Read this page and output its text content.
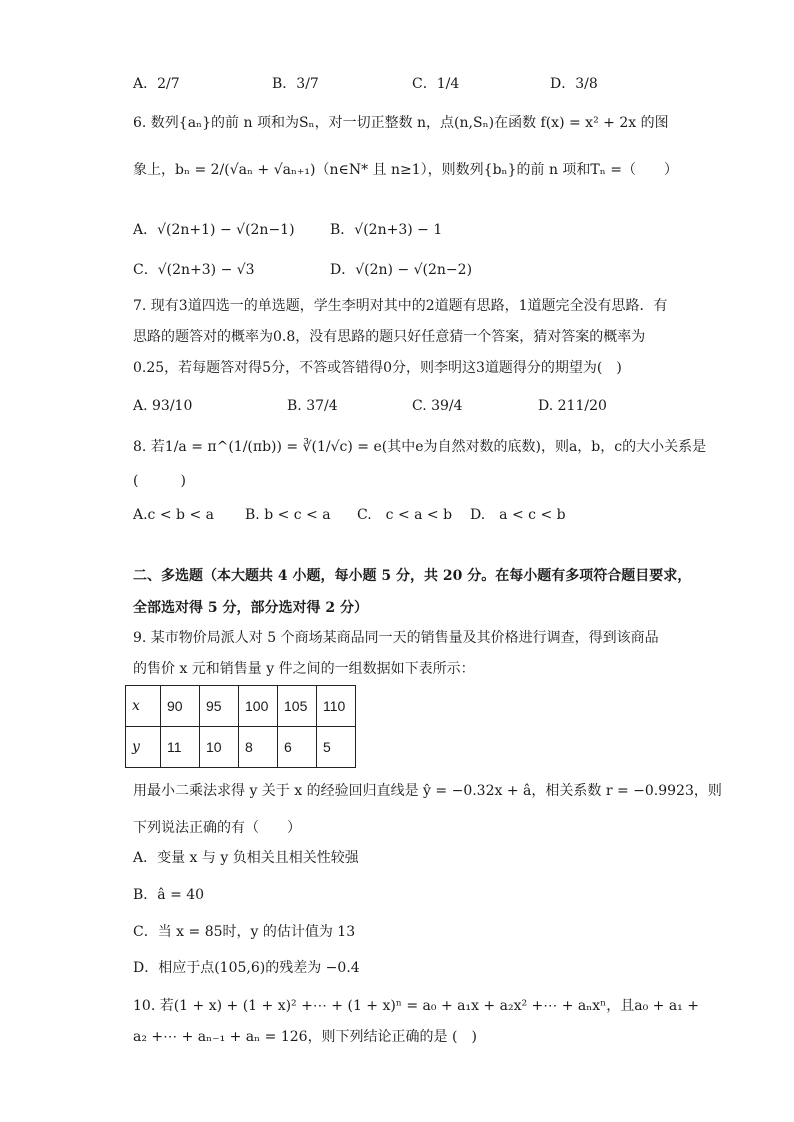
A．2/7	B．3/7	C．1/4	D．3/8
6. 数列{aₙ}的前 n 项和为Sₙ，对一切正整数 n，点(n,Sₙ)在函数 f(x) = x² + 2x 的图
象上，bₙ = 2/(√aₙ + √aₙ₊₁)（n∈N* 且 n≥1），则数列{bₙ}的前 n 项和Tₙ =（　　）
A．√(2n+1) − √(2n−1)	B．√(2n+3) − 1
C．√(2n+3) − √3	D．√(2n) − √(2n−2)
7. 现有3道四选一的单选题，学生李明对其中的2道题有思路，1道题完全没有思路．有
思路的题答对的概率为0.8，没有思路的题只好任意猜一个答案，猜对答案的概率为
0.25，若每题答对得5分，不答或答错得0分，则李明这3道题得分的期望为(　)
A. 93/10	B. 37/4	C. 39/4	D. 211/20
8. 若1/a = π^(1/(πb)) = ∛(1/√c) = e(其中e为自然对数的底数)，则a，b，c的大小关系是
(　　　)
A.c < b < a B. b < c < a C.　c < a < b D.　a < c < b
二、多选题（本大题共 4 小题，每小题 5 分，共 20 分。在每小题有多项符合题目要求，
全部选对得 5 分，部分选对得 2 分）
9. 某市物价局派人对 5 个商场某商品同一天的销售量及其价格进行调查，得到该商品
的售价 x 元和销售量 y 件之间的一组数据如下表所示：
x	90	95	100	105	110
y	11	10	8	6	5
用最小二乘法求得 y 关于 x 的经验回归直线是 ŷ = −0.32x + â，相关系数 r = −0.9923，则
下列说法正确的有（　　）
A．变量 x 与 y 负相关且相关性较强
B．â = 40
C．当 x = 85时，y 的估计值为 13
D．相应于点(105,6)的残差为 −0.4
10. 若(1 + x) + (1 + x)² +⋯ + (1 + x)ⁿ = a₀ + a₁x + a₂x² +⋯ + aₙxⁿ，且a₀ + a₁ +
a₂ +⋯ + aₙ₋₁ + aₙ = 126，则下列结论正确的是 (　)
